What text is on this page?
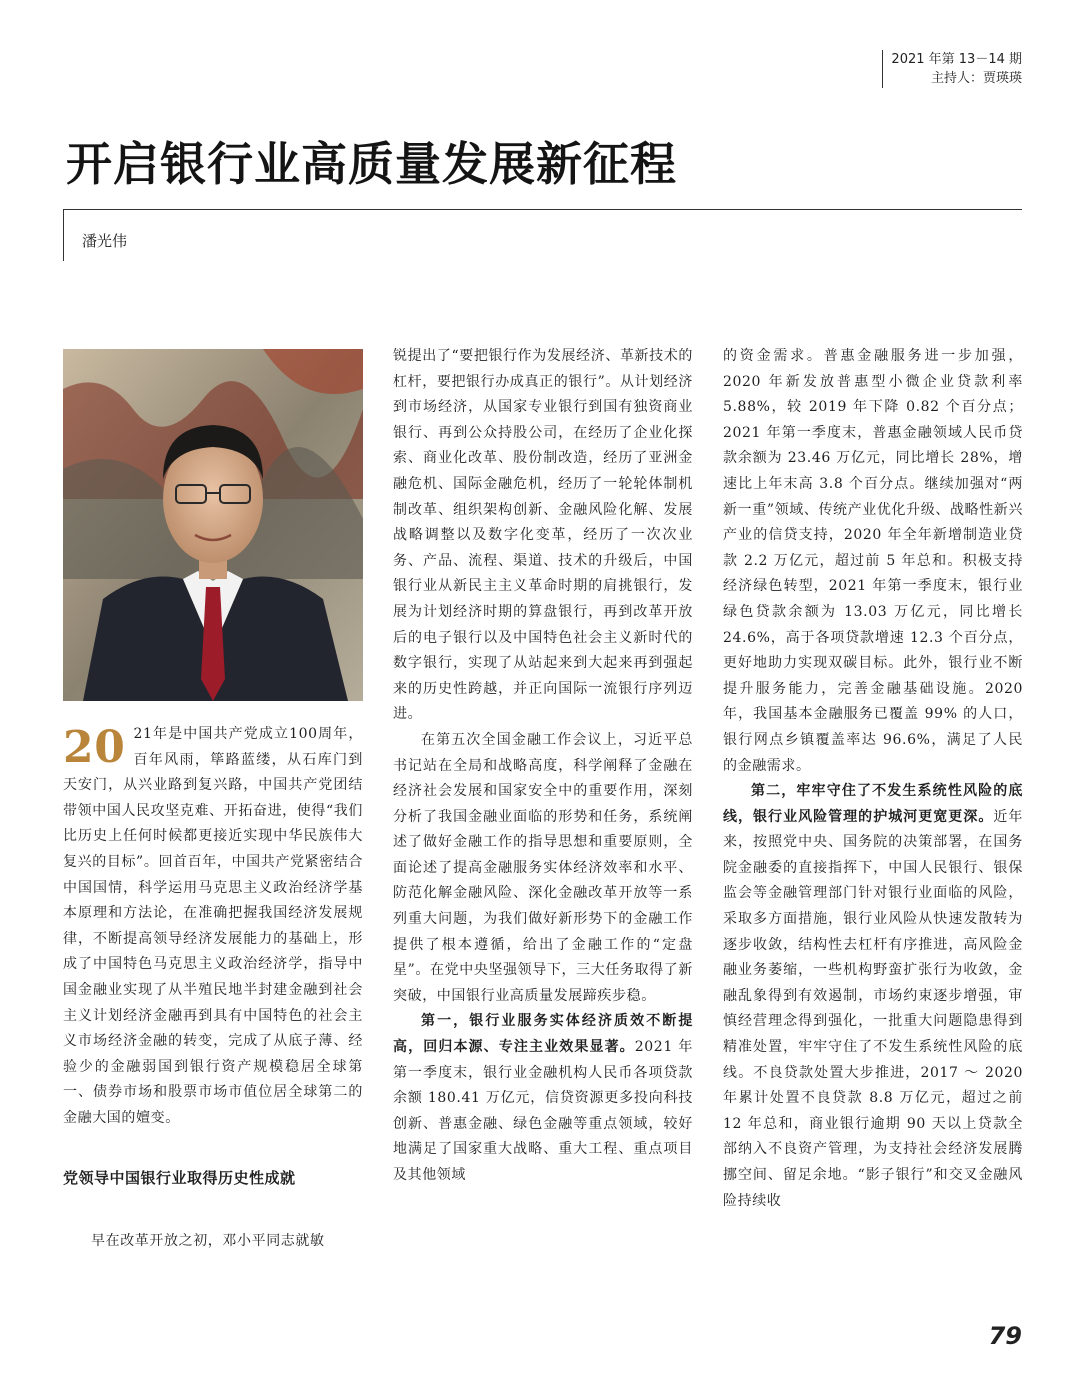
2021 年第 13－14 期
主持人：贾瑛瑛
开启银行业高质量发展新征程
潘光伟

20 21年是中国共产党成立100周年，百年风雨，筚路蓝缕，从石库门到天安门，从兴业路到复兴路，中国共产党团结带领中国人民攻坚克难、开拓奋进，使得“我们比历史上任何时候都更接近实现中华民族伟大复兴的目标”。回首百年，中国共产党紧密结合中国国情，科学运用马克思主义政治经济学基本原理和方法论，在准确把握我国经济发展规律，不断提高领导经济发展能力的基础上，形成了中国特色马克思主义政治经济学，指导中国金融业实现了从半殖民地半封建金融到社会主义计划经济金融再到具有中国特色的社会主义市场经济金融的转变，完成了从底子薄、经验少的金融弱国到银行资产规模稳居全球第一、债券市场和股票市场市值位居全球第二的金融大国的嬗变。

党领导中国银行业取得历史性成就

早在改革开放之初，邓小平同志就敏

锐提出了“要把银行作为发展经济、革新技术的杠杆，要把银行办成真正的银行”。从计划经济到市场经济，从国家专业银行到国有独资商业银行、再到公众持股公司，在经历了企业化探索、商业化改革、股份制改造，经历了亚洲金融危机、国际金融危机，经历了一轮轮体制机制改革、组织架构创新、金融风险化解、发展战略调整以及数字化变革，经历了一次次业务、产品、流程、渠道、技术的升级后，中国银行业从新民主主义革命时期的肩挑银行，发展为计划经济时期的算盘银行，再到改革开放后的电子银行以及中国特色社会主义新时代的数字银行，实现了从站起来到大起来再到强起来的历史性跨越，并正向国际一流银行序列迈进。

在第五次全国金融工作会议上，习近平总书记站在全局和战略高度，科学阐释了金融在经济社会发展和国家安全中的重要作用，深刻分析了我国金融业面临的形势和任务，系统阐述了做好金融工作的指导思想和重要原则，全面论述了提高金融服务实体经济效率和水平、防范化解金融风险、深化金融改革开放等一系列重大问题，为我们做好新形势下的金融工作提供了根本遵循，给出了金融工作的“定盘星”。在党中央坚强领导下，三大任务取得了新突破，中国银行业高质量发展蹄疾步稳。

第一，银行业服务实体经济质效不断提高，回归本源、专注主业效果显著。2021 年第一季度末，银行业金融机构人民币各项贷款余额 180.41 万亿元，信贷资源更多投向科技创新、普惠金融、绿色金融等重点领域，较好地满足了国家重大战略、重大工程、重点项目及其他领域

的资金需求。普惠金融服务进一步加强，2020 年新发放普惠型小微企业贷款利率 5.88%，较 2019 年下降 0.82 个百分点；2021 年第一季度末，普惠金融领域人民币贷款余额为 23.46 万亿元，同比增长 28%，增速比上年末高 3.8 个百分点。继续加强对“两新一重”领域、传统产业优化升级、战略性新兴产业的信贷支持，2020 年全年新增制造业贷款 2.2 万亿元，超过前 5 年总和。积极支持经济绿色转型，2021 年第一季度末，银行业绿色贷款余额为 13.03 万亿元，同比增长 24.6%，高于各项贷款增速 12.3 个百分点，更好地助力实现双碳目标。此外，银行业不断提升服务能力，完善金融基础设施。2020 年，我国基本金融服务已覆盖 99% 的人口，银行网点乡镇覆盖率达 96.6%，满足了人民的金融需求。

第二，牢牢守住了不发生系统性风险的底线，银行业风险管理的护城河更宽更深。近年来，按照党中央、国务院的决策部署，在国务院金融委的直接指挥下，中国人民银行、银保监会等金融管理部门针对银行业面临的风险，采取多方面措施，银行业风险从快速发散转为逐步收敛，结构性去杠杆有序推进，高风险金融业务萎缩，一些机构野蛮扩张行为收敛，金融乱象得到有效遏制，市场约束逐步增强，审慎经营理念得到强化，一批重大问题隐患得到精准处置，牢牢守住了不发生系统性风险的底线。不良贷款处置大步推进，2017 ～ 2020 年累计处置不良贷款 8.8 万亿元，超过之前 12 年总和，商业银行逾期 90 天以上贷款全部纳入不良资产管理，为支持社会经济发展腾挪空间、留足余地。“影子银行”和交叉金融风险持续收

79
